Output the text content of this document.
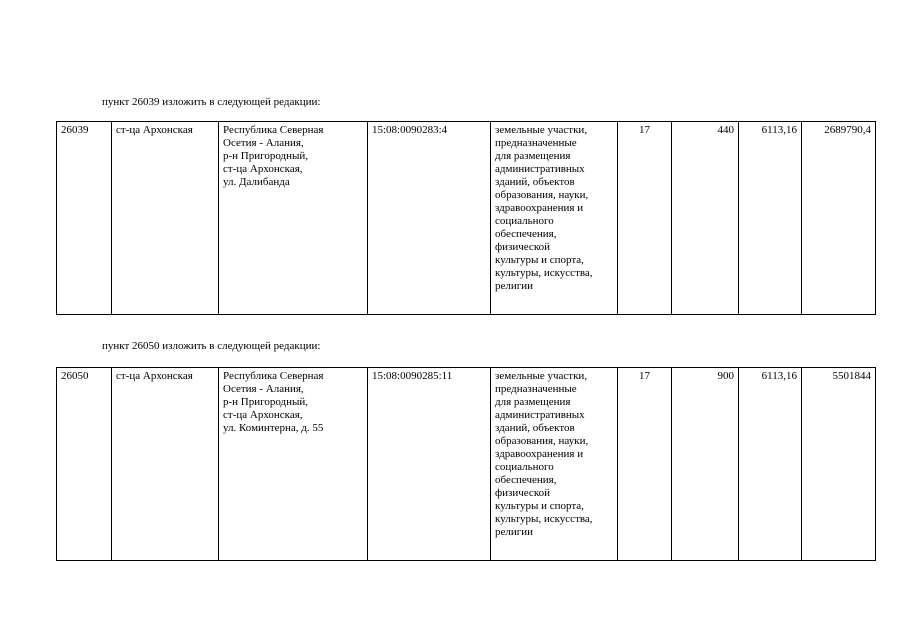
пункт 26039 изложить в следующей редакции:
26039	ст-ца Архонская	Республика Северная
Осетия - Алания,
р-н Пригородный,
ст-ца Архонская,
ул. Далибанда
	15:08:0090283:4	земельные участки,
предназначенные
для размещения
административных
зданий, объектов
образования, науки,
здравоохранения и
социального
обеспечения,
физической
культуры и спорта,
культуры, искусства,
религии
	17	440	6113,16	2689790,4
пункт 26050 изложить в следующей редакции:
26050	ст-ца Архонская	Республика Северная
Осетия - Алания,
р-н Пригородный,
ст-ца Архонская,
ул. Коминтерна, д. 55
	15:08:0090285:11	земельные участки,
предназначенные
для размещения
административных
зданий, объектов
образования, науки,
здравоохранения и
социального
обеспечения,
физической
культуры и спорта,
культуры, искусства,
религии
	17	900	6113,16	5501844
